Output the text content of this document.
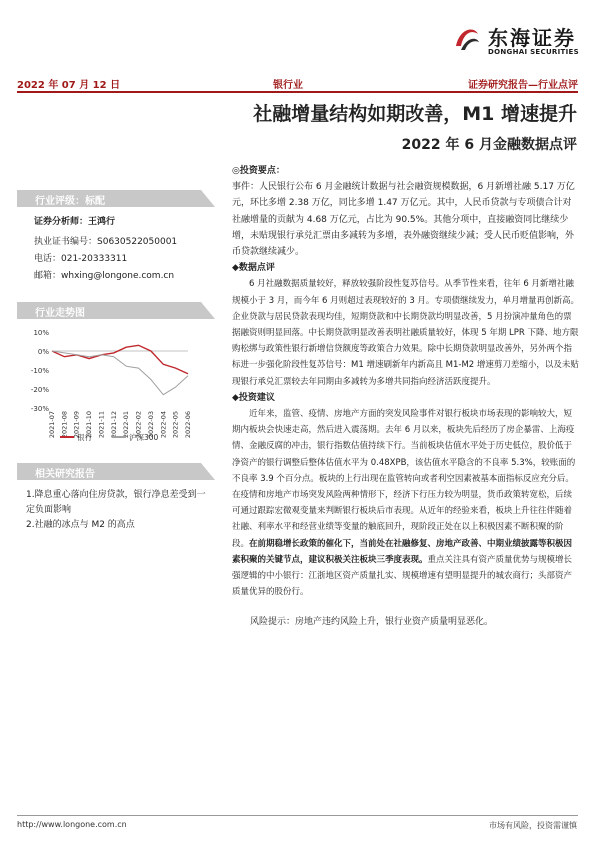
东海证券
DONGHAI SECURITIES
2022 年 07 月 12 日	银行业	证券研究报告—行业点评
社融增量结构如期改善，M1 增速提升
2022 年 6 月金融数据点评
行业评级：标配
证券分析师：王鸿行
执业证书编号：S0630522050001
电话：021-20333311
邮箱：whxing@longone.com.cn
行业走势图
10%
0%
-10%
-20%
-30%
2021-07 2021-08 2021-09 2021-10 2021-11 2021-12 2022-01 2022-02 2022-03 2022-04 2022-05 2022-06
银行	沪深300
相关研究报告
1.降息重心落向住房贷款，银行净息差受到一定负面影响
2.社融的冰点与 M2 的高点

◎投资要点：

事件：人民银行公布 6 月金融统计数据与社会融资规模数据，6 月新增社融 5.17 万亿元，环比多增 2.38 万亿，同比多增 1.47 万亿元。其中，人民币贷款与专项债合计对社融增量的贡献为 4.68 万亿元，占比为 90.5%。其他分项中，直接融资同比继续少增，未贴现银行承兑汇票由多减转为多增，表外融资继续少减；受人民币贬值影响，外币贷款继续减少。

◆数据点评

6 月社融数据质量较好，释放较强阶段性复苏信号。从季节性来看，往年 6 月新增社融规模小于 3 月，而今年 6 月则超过表现较好的 3 月。专项债继续发力，单月增量再创新高。企业贷款与居民贷款表现均佳，短期贷款和中长期贷款均明显改善，5 月扮演冲量角色的票据融资则明显回落。中长期贷款明显改善表明社融质量较好，体现 5 年期 LPR 下降、地方限购松绑与政策性银行新增信贷额度等政策合力效果。除中长期贷款明显改善外，另外两个指标进一步强化阶段性复苏信号：M1 增速刷新年内新高且 M1-M2 增速剪刀差缩小，以及未贴现银行承兑汇票较去年同期由多减转为多增共同指向经济活跃度提升。

◆投资建议

近年来，监管、疫情、房地产方面的突发风险事件对银行板块市场表现的影响较大，短期内板块会快速走高，然后进入震荡期。去年 6 月以来，板块先后经历了房企暴雷、上海疫情、金融反腐的冲击，银行指数估值持续下行。当前板块估值水平处于历史低位，股价低于净资产的银行调整后整体估值水平为 0.48XPB，该估值水平隐含的不良率 5.3%，较账面的不良率 3.9 个百分点。板块的上行出现在监管转向或者利空因素被基本面指标反应充分后。在疫情和房地产市场突发风险两种情形下，经济下行压力较为明显，货币政策转宽松，后续可通过跟踪宏微观变量来判断银行板块后市表现。从近年的经验来看，板块上升往往伴随着社融、利率水平和经营业绩等变量的触底回升，现阶段正处在以上积极因素不断积聚的阶段。在前期稳增长政策的催化下，当前处在社融修复、房地产政善、中期业绩披露等积极因素积聚的关键节点，建议积极关注板块三季度表现。重点关注具有资产质量优势与规模增长强逻辑的中小银行：江浙地区资产质量扎实、规模增速有望明显提升的城农商行；头部资产质量优异的股份行。

风险提示：房地产违约风险上升，银行业资产质量明显恶化。

http://www.longone.com.cn	市场有风险，投资需谨慎
